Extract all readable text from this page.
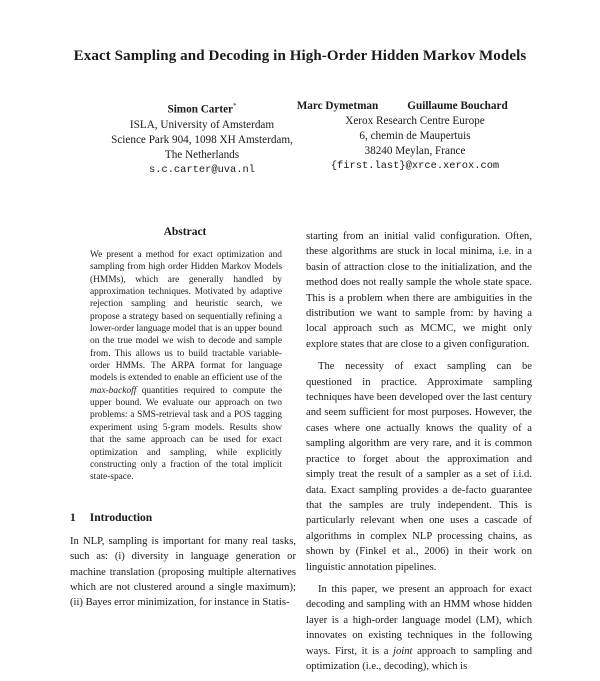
Exact Sampling and Decoding in High-Order Hidden Markov Models
Simon Carter*
ISLA, University of Amsterdam
Science Park 904, 1098 XH Amsterdam,
The Netherlands
s.c.carter@uva.nl
Marc Dymetman	Guillaume Bouchard
Xerox Research Centre Europe
6, chemin de Maupertuis
38240 Meylan, France
{first.last}@xrce.xerox.com
Abstract
We present a method for exact optimization and sampling from high order Hidden Markov Models (HMMs), which are generally handled by approximation techniques. Motivated by adaptive rejection sampling and heuristic search, we propose a strategy based on sequentially refining a lower-order language model that is an upper bound on the true model we wish to decode and sample from. This allows us to build tractable variable-order HMMs. The ARPA format for language models is extended to enable an efficient use of the max-backoff quantities required to compute the upper bound. We evaluate our approach on two problems: a SMS-retrieval task and a POS tagging experiment using 5-gram models. Results show that the same approach can be used for exact optimization and sampling, while explicitly constructing only a fraction of the total implicit state-space.
1 Introduction

In NLP, sampling is important for many real tasks, such as: (i) diversity in language generation or machine translation (proposing multiple alternatives which are not clustered around a single maximum); (ii) Bayes error minimization, for instance in Statis-

starting from an initial valid configuration. Often, these algorithms are stuck in local minima, i.e. in a basin of attraction close to the initialization, and the method does not really sample the whole state space. This is a problem when there are ambiguities in the distribution we want to sample from: by having a local approach such as MCMC, we might only explore states that are close to a given configuration.

The necessity of exact sampling can be questioned in practice. Approximate sampling techniques have been developed over the last century and seem sufficient for most purposes. However, the cases where one actually knows the quality of a sampling algorithm are very rare, and it is common practice to forget about the approximation and simply treat the result of a sampler as a set of i.i.d. data. Exact sampling provides a de-facto guarantee that the samples are truly independent. This is particularly relevant when one uses a cascade of algorithms in complex NLP processing chains, as shown by (Finkel et al., 2006) in their work on linguistic annotation pipelines.

In this paper, we present an approach for exact decoding and sampling with an HMM whose hidden layer is a high-order language model (LM), which innovates on existing techniques in the following ways. First, it is a joint approach to sampling and optimization (i.e., decoding), which is
